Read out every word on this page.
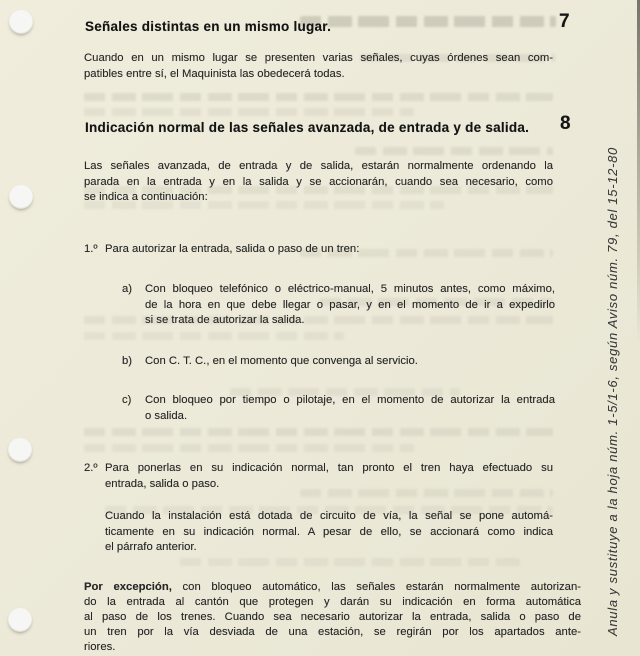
Señales distintas en un mismo lugar.	7
Cuando en un mismo lugar se presenten varias señales, cuyas órdenes sean com-
patibles entre sí, el Maquinista las obedecerá todas.
Indicación normal de las señales avanzada, de entrada y de salida. 8
Las señales avanzada, de entrada y de salida, estarán normalmente ordenando la
parada en la entrada y en la salida y se accionarán, cuando sea necesario, como
se indica a continuación:
1.º Para autorizar la entrada, salida o paso de un tren:
a) Con bloqueo telefónico o eléctrico-manual, 5 minutos antes, como máximo,
de la hora en que debe llegar o pasar, y en el momento de ir a expedirlo
si se trata de autorizar la salida.
b) Con C. T. C., en el momento que convenga al servicio.
c) Con bloqueo por tiempo o pilotaje, en el momento de autorizar la entrada
o salida.
2.º Para ponerlas en su indicación normal, tan pronto el tren haya efectuado su
entrada, salida o paso.
Cuando la instalación está dotada de circuito de vía, la señal se pone automá-
ticamente en su indicación normal. A pesar de ello, se accionará como indica
el párrafo anterior.
Por excepción, con bloqueo automático, las señales estarán normalmente autorizan-
do la entrada al cantón que protegen y darán su indicación en forma automática
al paso de los trenes. Cuando sea necesario autorizar la entrada, salida o paso de
un tren por la vía desviada de una estación, se regirán por los apartados ante-
riores.
Anula y sustituye a la hoja núm. 1-5/1-6, según Aviso núm. 79, del 15-12-80
